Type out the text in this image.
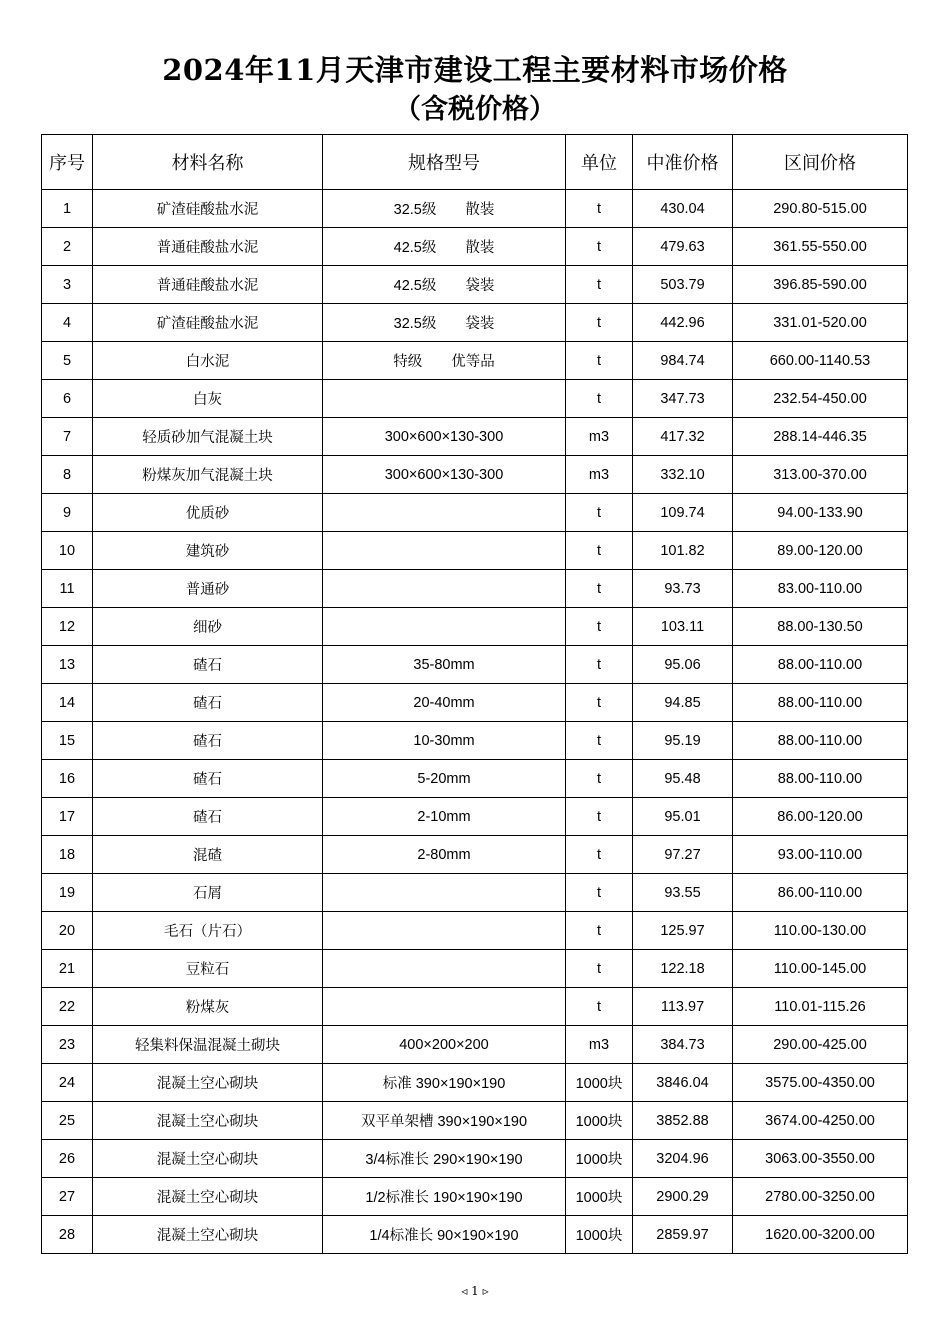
2024年11月天津市建设工程主要材料市场价格
（含税价格）
序号	材料名称	规格型号	单位	中准价格	区间价格
1	矿渣硅酸盐水泥	32.5级　　散装	t	430.04	290.80-515.00
2	普通硅酸盐水泥	42.5级　　散装	t	479.63	361.55-550.00
3	普通硅酸盐水泥	42.5级　　袋装	t	503.79	396.85-590.00
4	矿渣硅酸盐水泥	32.5级　　袋装	t	442.96	331.01-520.00
5	白水泥	特级　　优等品	t	984.74	660.00-1140.53
6	白灰		t	347.73	232.54-450.00
7	轻质砂加气混凝土块	300×600×130-300	m3	417.32	288.14-446.35
8	粉煤灰加气混凝土块	300×600×130-300	m3	332.10	313.00-370.00
9	优质砂		t	109.74	94.00-133.90
10	建筑砂		t	101.82	89.00-120.00
11	普通砂		t	93.73	83.00-110.00
12	细砂		t	103.11	88.00-130.50
13	碴石	35-80mm	t	95.06	88.00-110.00
14	碴石	20-40mm	t	94.85	88.00-110.00
15	碴石	10-30mm	t	95.19	88.00-110.00
16	碴石	5-20mm	t	95.48	88.00-110.00
17	碴石	2-10mm	t	95.01	86.00-120.00
18	混碴	2-80mm	t	97.27	93.00-110.00
19	石屑		t	93.55	86.00-110.00
20	毛石（片石）		t	125.97	110.00-130.00
21	豆粒石		t	122.18	110.00-145.00
22	粉煤灰		t	113.97	110.01-115.26
23	轻集料保温混凝土砌块	400×200×200	m3	384.73	290.00-425.00
24	混凝土空心砌块	标准 390×190×190	1000块	3846.04	3575.00-4350.00
25	混凝土空心砌块	双平单架槽 390×190×190	1000块	3852.88	3674.00-4250.00
26	混凝土空心砌块	3/4标准长 290×190×190	1000块	3204.96	3063.00-3550.00
27	混凝土空心砌块	1/2标准长 190×190×190	1000块	2900.29	2780.00-3250.00
28	混凝土空心砌块	1/4标准长 90×190×190	1000块	2859.97	1620.00-3200.00
◃ 1 ▹
